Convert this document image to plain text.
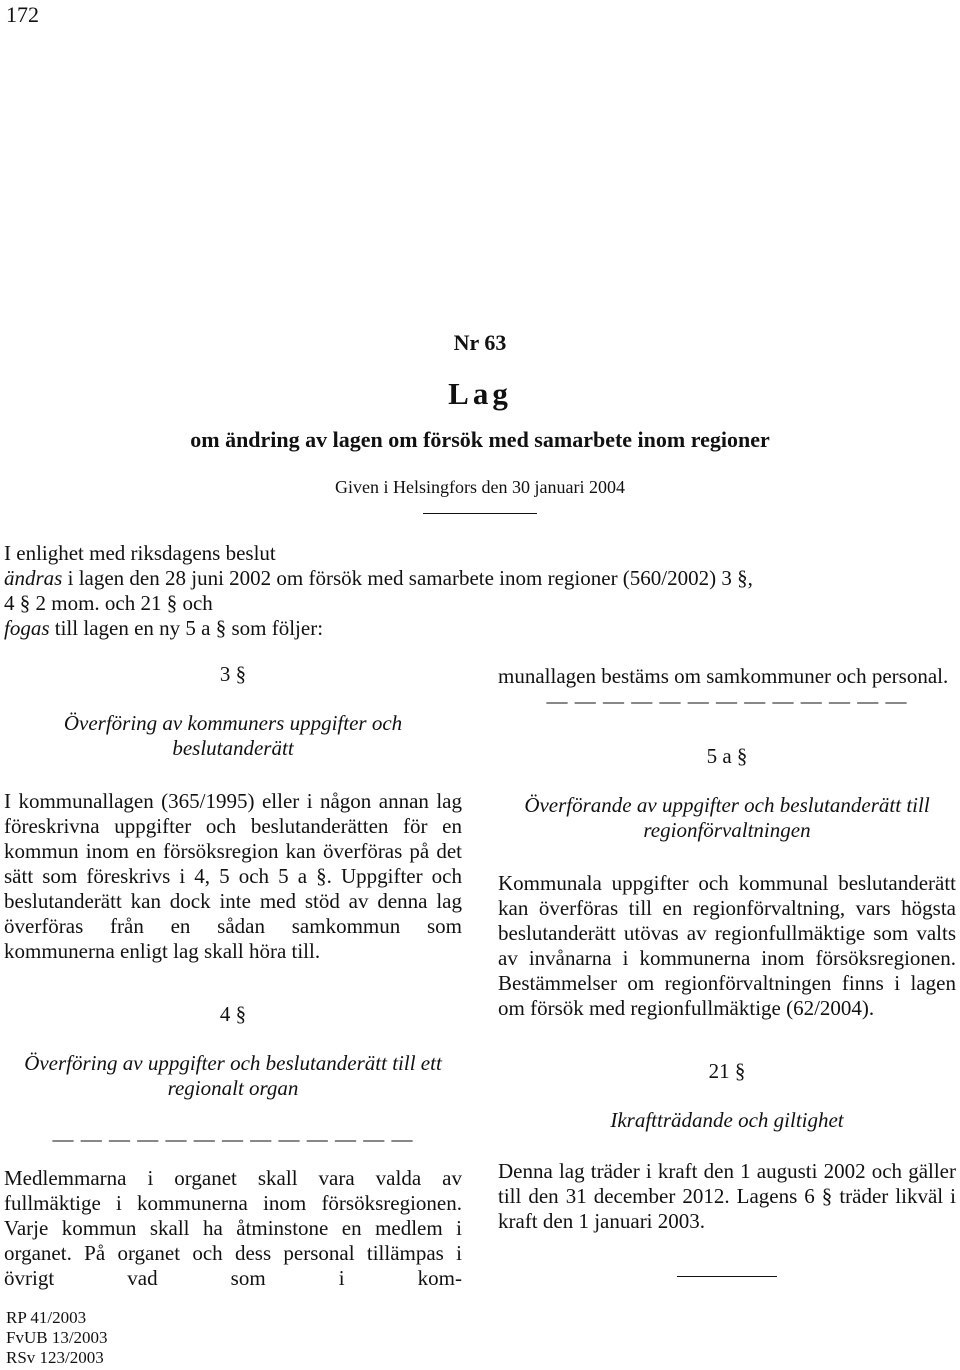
172
Nr 63
Lag
om ändring av lagen om försök med samarbete inom regioner
Given i Helsingfors den 30 januari 2004
I enlighet med riksdagens beslut
ändras i lagen den 28 juni 2002 om försök med samarbete inom regioner (560/2002) 3 §,
4 § 2 mom. och 21 § och
fogas till lagen en ny 5 a § som följer:
3 §
Överföring av kommuners uppgifter och beslutanderätt
I kommunallagen (365/1995) eller i någon annan lag föreskrivna uppgifter och beslutanderätten för en kommun inom en försöksregion kan överföras på det sätt som föreskrivs i 4, 5 och 5 a §. Uppgifter och beslutanderätt kan dock inte med stöd av denna lag överföras från en sådan samkommun som kommunerna enligt lag skall höra till.
4 §
Överföring av uppgifter och beslutanderätt till ett regionalt organ
— — — — — — — — — — — — —
Medlemmarna i organet skall vara valda av fullmäktige i kommunerna inom försöksregionen. Varje kommun skall ha åtminstone en medlem i organet. På organet och dess personal tillämpas i övrigt vad som i kom-
munallagen bestäms om samkommuner och personal.
— — — — — — — — — — — — —
5 a §
Överförande av uppgifter och beslutanderätt till regionförvaltningen
Kommunala uppgifter och kommunal beslutanderätt kan överföras till en regionförvaltning, vars högsta beslutanderätt utövas av regionfullmäktige som valts av invånarna i kommunerna inom försöksregionen. Bestämmelser om regionförvaltningen finns i lagen om försök med regionfullmäktige (62/2004).
21 §
Ikraftträdande och giltighet
Denna lag träder i kraft den 1 augusti 2002 och gäller till den 31 december 2012. Lagens 6 § träder likväl i kraft den 1 januari 2003.
RP 41/2003
FvUB 13/2003
RSv 123/2003
